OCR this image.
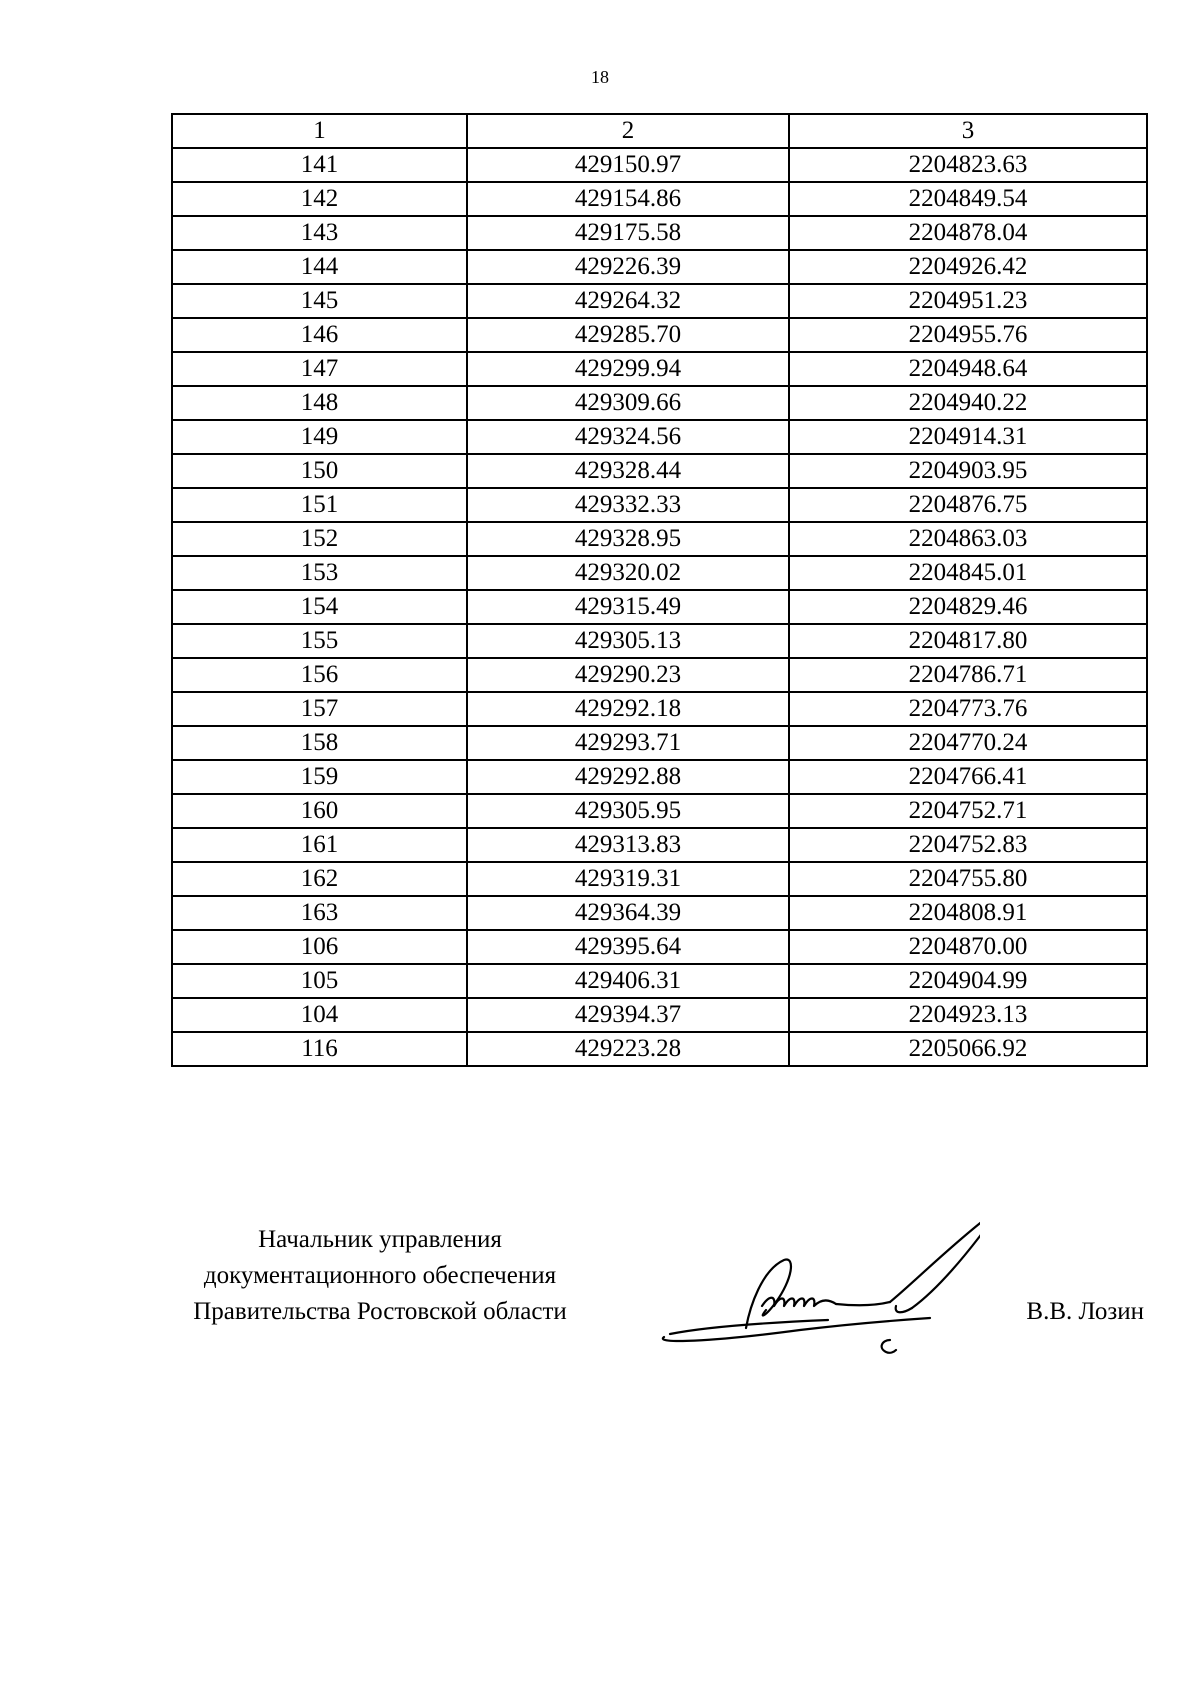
18
1	2	3
141	429150.97	2204823.63
142	429154.86	2204849.54
143	429175.58	2204878.04
144	429226.39	2204926.42
145	429264.32	2204951.23
146	429285.70	2204955.76
147	429299.94	2204948.64
148	429309.66	2204940.22
149	429324.56	2204914.31
150	429328.44	2204903.95
151	429332.33	2204876.75
152	429328.95	2204863.03
153	429320.02	2204845.01
154	429315.49	2204829.46
155	429305.13	2204817.80
156	429290.23	2204786.71
157	429292.18	2204773.76
158	429293.71	2204770.24
159	429292.88	2204766.41
160	429305.95	2204752.71
161	429313.83	2204752.83
162	429319.31	2204755.80
163	429364.39	2204808.91
106	429395.64	2204870.00
105	429406.31	2204904.99
104	429394.37	2204923.13
116	429223.28	2205066.92
Начальник управления
документационного обеспечения
Правительства Ростовской области	В.В. Лозин
